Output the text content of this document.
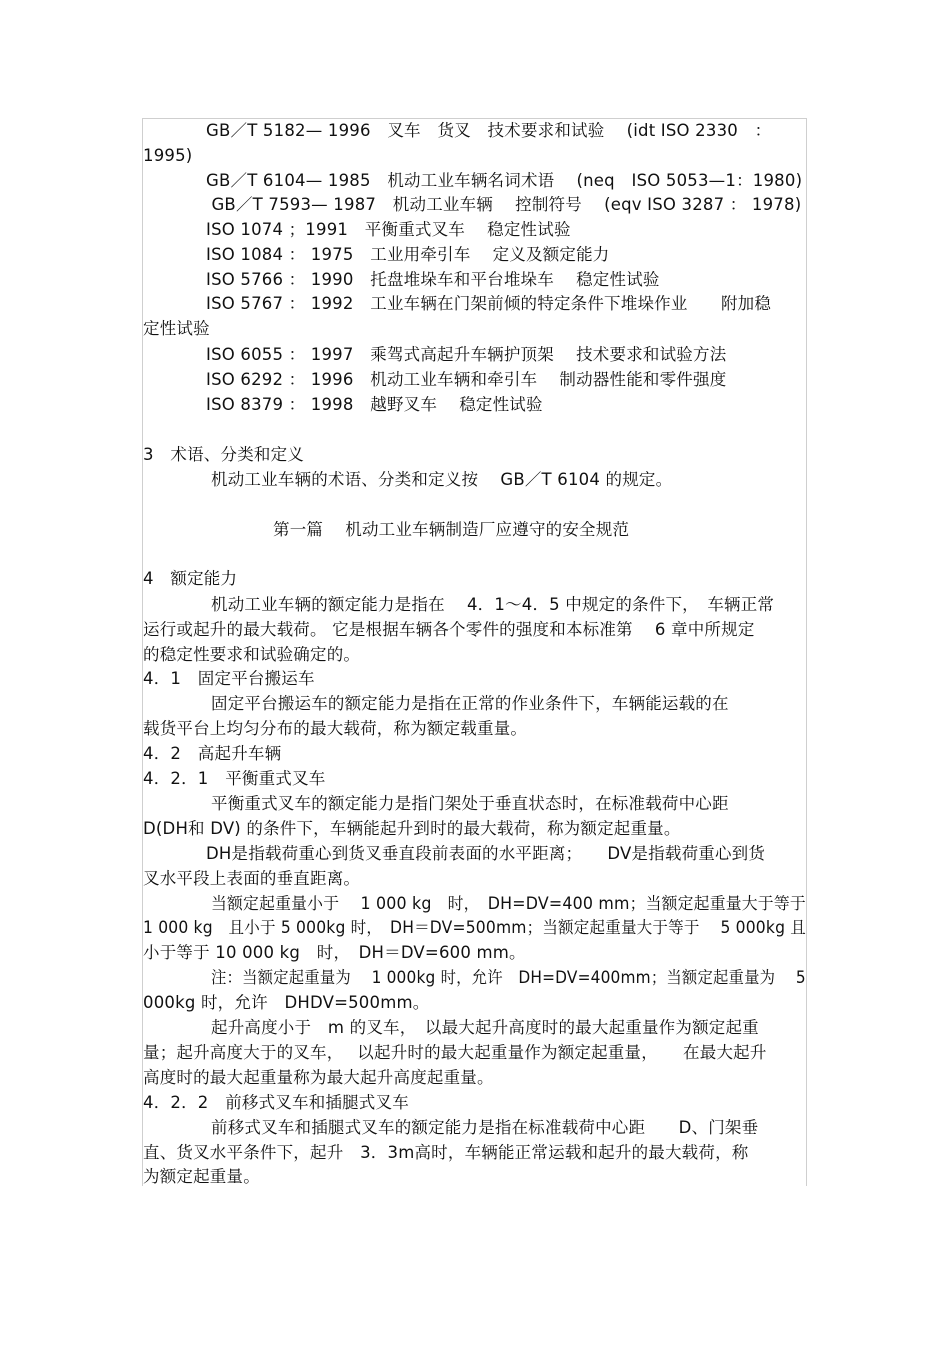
GB／T 5182— 1996　叉车　货叉　技术要求和试验　 (idt ISO 2330　：
1995)
GB／T 6104— 1985　机动工业车辆名词术语　 (neq　ISO 5053—1：1980)
GB／T 7593— 1987　机动工业车辆　 控制符号　 (eqv ISO 3287 ： 1978)
ISO 1074 ；1991　平衡重式叉车　 稳定性试验
ISO 1084 ： 1975　工业用牵引车　 定义及额定能力
ISO 5766 ： 1990　托盘堆垛车和平台堆垛车　 稳定性试验
ISO 5767 ： 1992　工业车辆在门架前倾的特定条件下堆垛作业　　附加稳
定性试验
ISO 6055 ： 1997　乘驾式高起升车辆护顶架　 技术要求和试验方法
ISO 6292 ： 1996　机动工业车辆和牵引车　 制动器性能和零件强度
ISO 8379 ： 1998　越野叉车　 稳定性试验
3　术语、分类和定义
机动工业车辆的术语、分类和定义按　 GB／T 6104 的规定。
第一篇　 机动工业车辆制造厂应遵守的安全规范
4　额定能力
机动工业车辆的额定能力是指在　 4．1～4．5 中规定的条件下，　车辆正常
运行或起升的最大载荷。 它是根据车辆各个零件的强度和本标准第　 6 章中所规定
的稳定性要求和试验确定的。
4．1　固定平台搬运车
固定平台搬运车的额定能力是指在正常的作业条件下，车辆能运载的在
载货平台上均匀分布的最大载荷，称为额定载重量。
4．2　高起升车辆
4．2．1　平衡重式叉车
平衡重式叉车的额定能力是指门架处于垂直状态时，在标准载荷中心距
D(DH和 DV) 的条件下，车辆能起升到时的最大载荷，称为额定起重量。
DH是指载荷重心到货叉垂直段前表面的水平距离；　　DV是指载荷重心到货
叉水平段上表面的垂直距离。
当额定起重量小于　 1 000 kg　时，　DH=DV=400 mm；当额定起重量大于等于
1 000 kg　且小于 5 000kg 时，　DH＝DV=500mm；当额定起重量大于等于　 5 000kg 且
小于等于 10 000 kg　时，　DH＝DV=600 mm。
注：当额定起重量为　 1 000kg 时，允许　DH=DV=400mm；当额定起重量为　 5
000kg 时，允许　DHDV=500mm。
起升高度小于　m 的叉车，　以最大起升高度时的最大起重量作为额定起重
量；起升高度大于的叉车，　 以起升时的最大起重量作为额定起重量，　　在最大起升
高度时的最大起重量称为最大起升高度起重量。
4．2．2　前移式叉车和插腿式叉车
前移式叉车和插腿式叉车的额定能力是指在标准载荷中心距　　D、门架垂
直、货叉水平条件下，起升　3．3m高时，车辆能正常运载和起升的最大载荷，称
为额定起重量。
